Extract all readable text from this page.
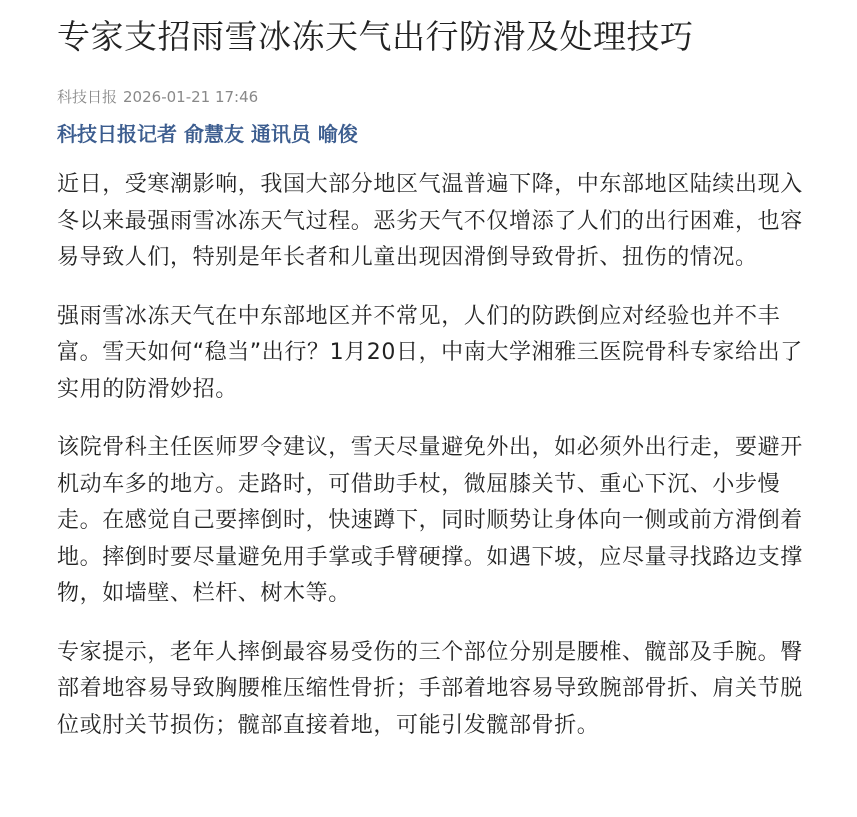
专家支招雨雪冰冻天气出行防滑及处理技巧
科技日报 2026-01-21 17:46
科技日报记者 俞慧友 通讯员 喻俊

近日，受寒潮影响，我国大部分地区气温普遍下降，中东部地区陆续出现入冬以来最强雨雪冰冻天气过程。恶劣天气不仅增添了人们的出行困难，也容易导致人们，特别是年长者和儿童出现因滑倒导致骨折、扭伤的情况。

强雨雪冰冻天气在中东部地区并不常见，人们的防跌倒应对经验也并不丰富。雪天如何“稳当”出行？1月20日，中南大学湘雅三医院骨科专家给出了实用的防滑妙招。

该院骨科主任医师罗令建议，雪天尽量避免外出，如必须外出行走，要避开机动车多的地方。走路时，可借助手杖，微屈膝关节、重心下沉、小步慢走。在感觉自己要摔倒时，快速蹲下，同时顺势让身体向一侧或前方滑倒着地。摔倒时要尽量避免用手掌或手臂硬撑。如遇下坡，应尽量寻找路边支撑物，如墙壁、栏杆、树木等。

专家提示，老年人摔倒最容易受伤的三个部位分别是腰椎、髋部及手腕。臀部着地容易导致胸腰椎压缩性骨折；手部着地容易导致腕部骨折、肩关节脱位或肘关节损伤；髋部直接着地，可能引发髋部骨折。
